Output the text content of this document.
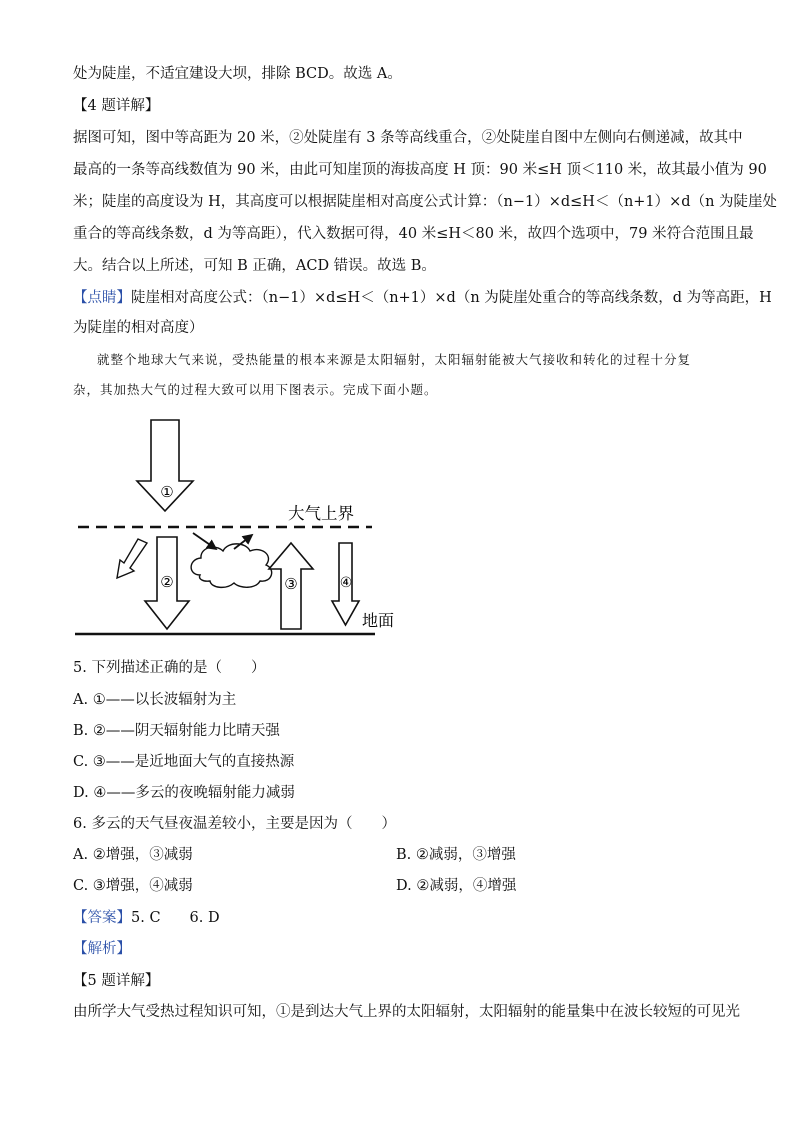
处为陡崖，不适宜建设大坝，排除 BCD。故选 A。
【4 题详解】
据图可知，图中等高距为 20 米，②处陡崖有 3 条等高线重合，②处陡崖自图中左侧向右侧递减，故其中
最高的一条等高线数值为 90 米，由此可知崖顶的海拔高度 H 顶：90 米≤H 顶＜110 米，故其最小值为 90
米；陡崖的高度设为 H，其高度可以根据陡崖相对高度公式计算：（n−1）×d≤H＜（n+1）×d（n 为陡崖处
重合的等高线条数，d 为等高距），代入数据可得，40 米≤H＜80 米，故四个选项中，79 米符合范围且最
大。结合以上所述，可知 B 正确，ACD 错误。故选 B。
【点睛】陡崖相对高度公式：（n−1）×d≤H＜（n+1）×d（n 为陡崖处重合的等高线条数，d 为等高距，H
为陡崖的相对高度）
就整个地球大气来说，受热能量的根本来源是太阳辐射，太阳辐射能被大气接收和转化的过程十分复
杂，其加热大气的过程大致可以用下图表示。完成下面小题。
①
②	③	④
大气上界
地面
5. 下列描述正确的是（　　）
A. ①——以长波辐射为主
B. ②——阴天辐射能力比晴天强
C. ③——是近地面大气的直接热源
D. ④——多云的夜晚辐射能力减弱
6. 多云的天气昼夜温差较小，主要是因为（　　）
A. ②增强，③减弱	B. ②减弱，③增强
C. ③增强，④减弱	D. ②减弱，④增强
【答案】5. C　　6. D
【解析】
【5 题详解】
由所学大气受热过程知识可知，①是到达大气上界的太阳辐射，太阳辐射的能量集中在波长较短的可见光
